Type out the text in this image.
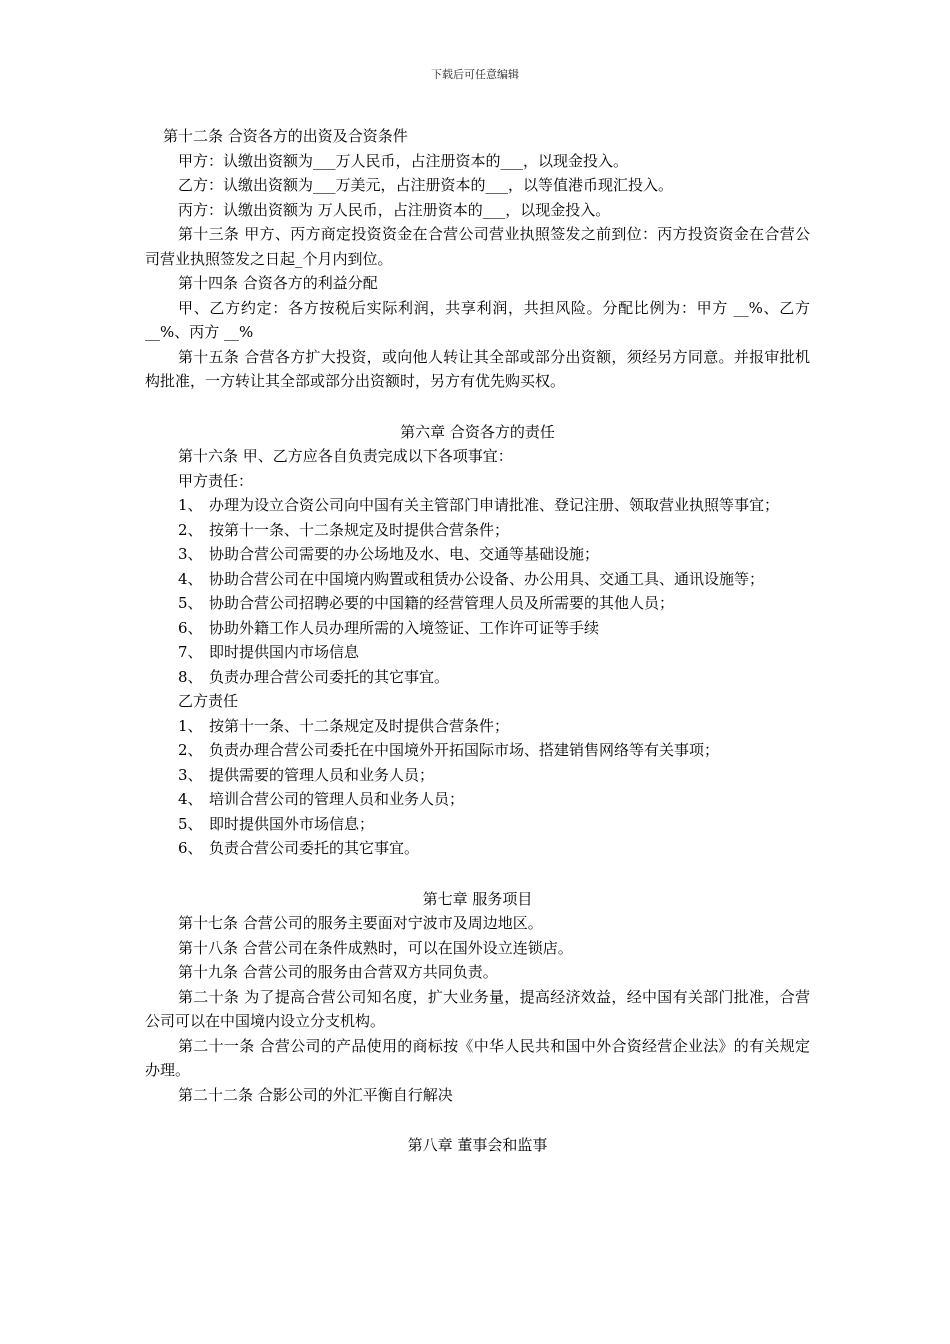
下载后可任意编辑

第十二条 合资各方的出资及合资条件

甲方：认缴出资额为___万人民币，占注册资本的___，以现金投入。

乙方：认缴出资额为___万美元，占注册资本的___，以等值港币现汇投入。

丙方：认缴出资额为 万人民币，占注册资本的___，以现金投入。

第十三条 甲方、丙方商定投资资金在合营公司营业执照签发之前到位：丙方投资资金在合营公司营业执照签发之日起_个月内到位。

第十四条 合资各方的利益分配

甲、乙方约定：各方按税后实际利润，共享利润，共担风险。分配比例为：甲方 __%、乙方 __%、丙方 __%

第十五条 合营各方扩大投资，或向他人转让其全部或部分出资额，须经另方同意。并报审批机构批准，一方转让其全部或部分出资额时，另方有优先购买权。

第六章 合资各方的责任

第十六条 甲、乙方应各自负责完成以下各项事宜：

甲方责任：

1、 办理为设立合资公司向中国有关主管部门申请批准、登记注册、领取营业执照等事宜；
2、 按第十一条、十二条规定及时提供合营条件；
3、 协助合营公司需要的办公场地及水、电、交通等基础设施；
4、 协助合营公司在中国境内购置或租赁办公设备、办公用具、交通工具、通讯设施等；
5、 协助合营公司招聘必要的中国籍的经营管理人员及所需要的其他人员；
6、 协助外籍工作人员办理所需的入境签证、工作许可证等手续
7、 即时提供国内市场信息
8、 负责办理合营公司委托的其它事宜。

乙方责任

1、 按第十一条、十二条规定及时提供合营条件；
2、 负责办理合营公司委托在中国境外开拓国际市场、搭建销售网络等有关事项；
3、 提供需要的管理人员和业务人员；
4、 培训合营公司的管理人员和业务人员；
5、 即时提供国外市场信息；
6、 负责合营公司委托的其它事宜。

第七章 服务项目

第十七条 合营公司的服务主要面对宁波市及周边地区。

第十八条 合营公司在条件成熟时，可以在国外设立连锁店。

第十九条 合营公司的服务由合营双方共同负责。

第二十条 为了提高合营公司知名度，扩大业务量，提高经济效益，经中国有关部门批准，合营公司可以在中国境内设立分支机构。

第二十一条 合营公司的产品使用的商标按《中华人民共和国中外合资经营企业法》的有关规定办理。

第二十二条 合影公司的外汇平衡自行解决

第八章 董事会和监事
